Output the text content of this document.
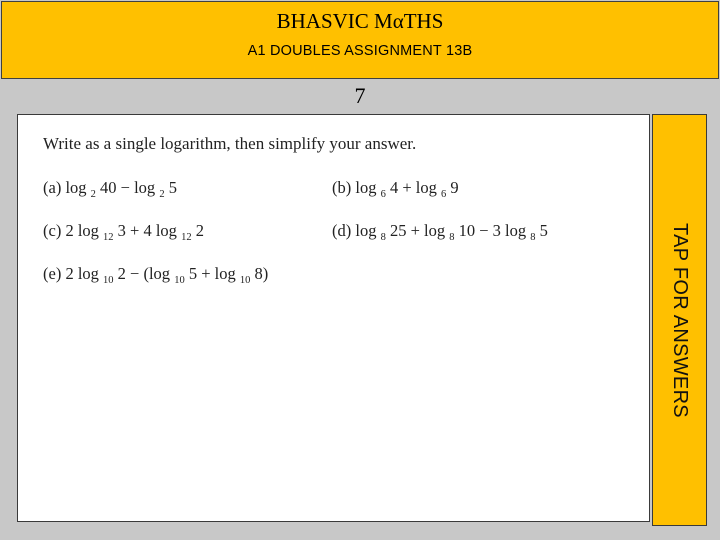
BHASVIC MαTHS
A1 DOUBLES ASSIGNMENT 13B
7
Write as a single logarithm, then simplify your answer.
(a) log $_2$ 40 − log $_2$ 5	(b) log $_6$ 4 + log $_6$ 9
(c) 2 log $_{12}$ 3 + 4 log $_{12}$ 2	(d) log $_8$ 25 + log $_8$ 10 − 3 log $_8$ 5
(e) 2 log $_{10}$ 2 − (log $_{10}$ 5 + log $_{10}$ 8)	TAP FOR ANSWERS
